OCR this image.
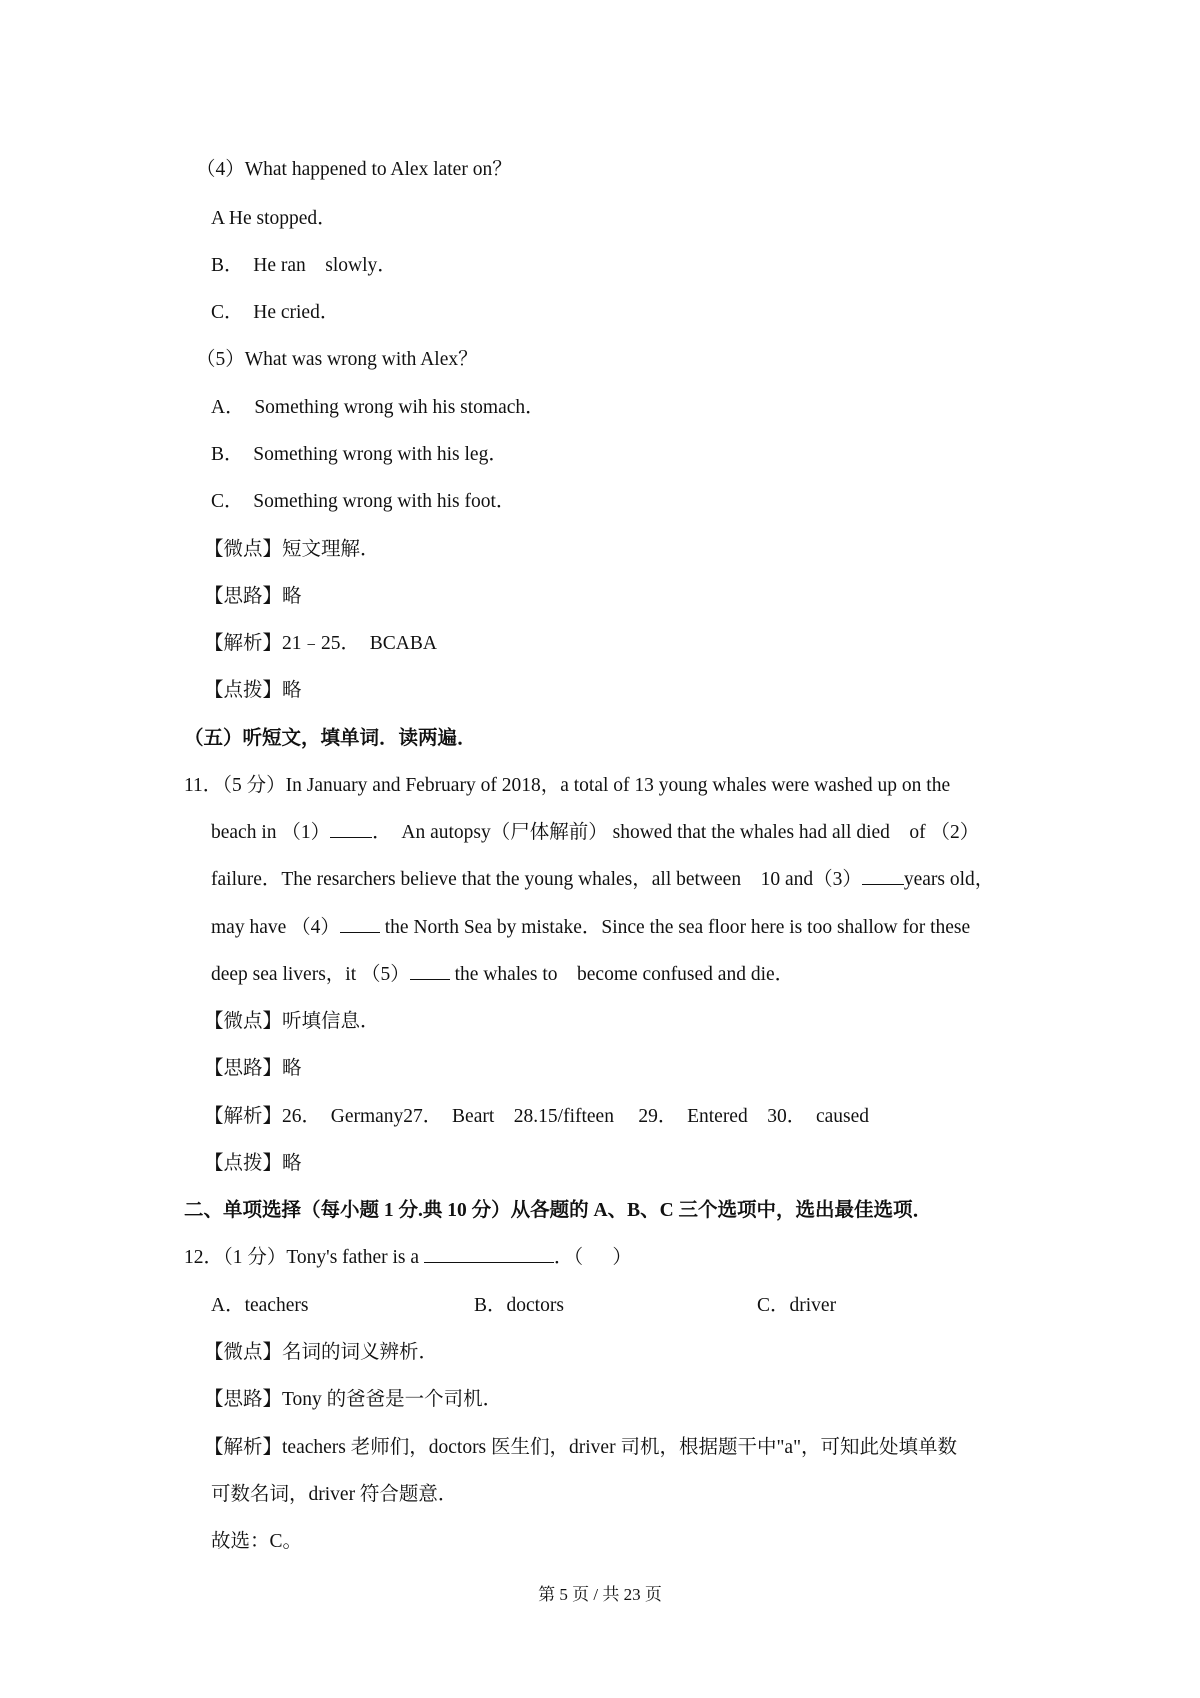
（4）What happened to Alex later on？
A He stopped．
B．  He ran    slowly．
C．  He cried．
（5）What was wrong with Alex？
A．  Something wrong wih his stomach．
B．  Something wrong with his leg．
C．  Something wrong with his foot．
【微点】短文理解．
【思路】略
【解析】21﹣25．  BCABA
【点拨】略
（五）听短文，填单词．读两遍．
11．（5 分）In January and February of 2018，a total of 13 young whales were washed up on the
beach in （1） ．  An autopsy（尸体解前） showed that the whales had all died    of （2）
failure．The resarchers believe that the young whales，all between    10 and（3） years old，
may have （4） the North Sea by mistake．Since the sea floor here is too shallow for these
deep sea livers，it （5） the whales to    become confused and die．
【微点】听填信息．
【思路】略
【解析】26．  Germany27．  Beart    28.15/fifteen     29．  Entered    30．  caused
【点拨】略
二、单项选择（每小题 1 分.典 10 分）从各题的 A、B、C 三个选项中，选出最佳选项．
12．（1 分）Tony's father is a	．（      ）
A．teachers	B．doctors	C．driver
【微点】名词的词义辨析．
【思路】Tony 的爸爸是一个司机．
【解析】teachers 老师们，doctors 医生们，driver 司机，根据题干中"a"，可知此处填单数
可数名词，driver 符合题意．
故选：C。
第 5 页 / 共 23 页
